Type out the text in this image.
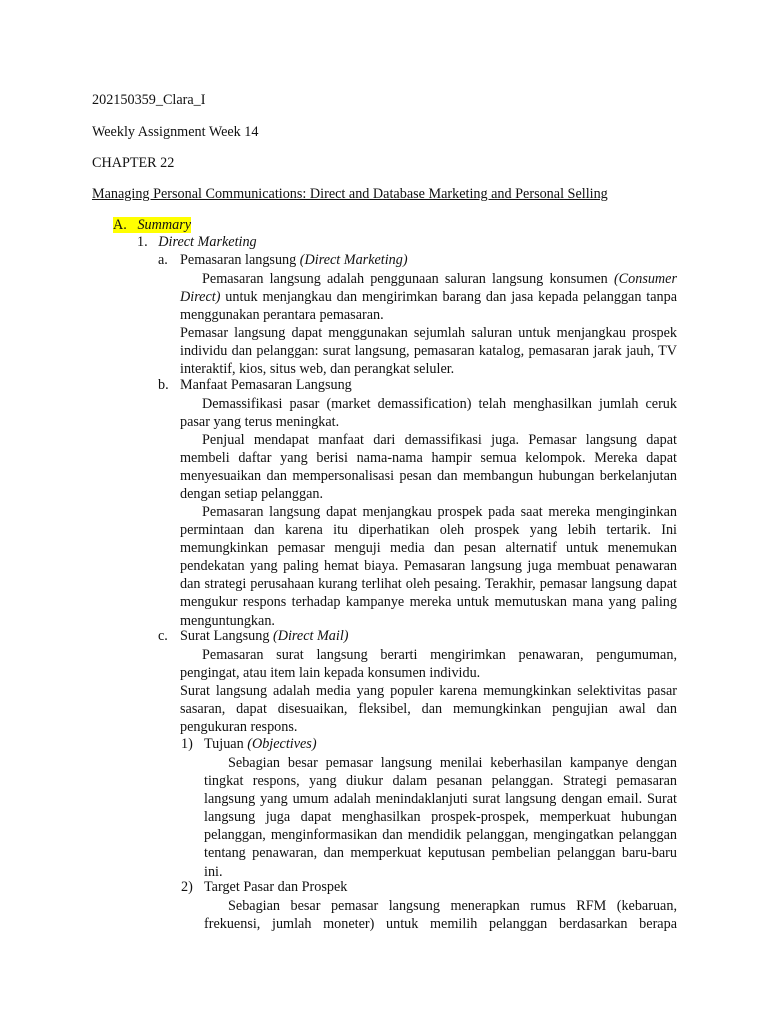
202150359_Clara_I
Weekly Assignment Week 14
CHAPTER 22
Managing Personal Communications: Direct and Database Marketing and Personal Selling
A. Summary
1. Direct Marketing
a. Pemasaran langsung (Direct Marketing)

Pemasaran langsung adalah penggunaan saluran langsung konsumen (Consumer Direct) untuk menjangkau dan mengirimkan barang dan jasa kepada pelanggan tanpa menggunakan perantara pemasaran.

Pemasar langsung dapat menggunakan sejumlah saluran untuk menjangkau prospek individu dan pelanggan: surat langsung, pemasaran katalog, pemasaran jarak jauh, TV interaktif, kios, situs web, dan perangkat seluler.

b. Manfaat Pemasaran Langsung

Demassifikasi pasar (market demassification) telah menghasilkan jumlah ceruk pasar yang terus meningkat.

Penjual mendapat manfaat dari demassifikasi juga. Pemasar langsung dapat membeli daftar yang berisi nama-nama hampir semua kelompok. Mereka dapat menyesuaikan dan mempersonalisasi pesan dan membangun hubungan berkelanjutan dengan setiap pelanggan.

Pemasaran langsung dapat menjangkau prospek pada saat mereka menginginkan permintaan dan karena itu diperhatikan oleh prospek yang lebih tertarik. Ini memungkinkan pemasar menguji media dan pesan alternatif untuk menemukan pendekatan yang paling hemat biaya. Pemasaran langsung juga membuat penawaran dan strategi perusahaan kurang terlihat oleh pesaing. Terakhir, pemasar langsung dapat mengukur respons terhadap kampanye mereka untuk memutuskan mana yang paling menguntungkan.

c. Surat Langsung (Direct Mail)

Pemasaran surat langsung berarti mengirimkan penawaran, pengumuman, pengingat, atau item lain kepada konsumen individu.

Surat langsung adalah media yang populer karena memungkinkan selektivitas pasar sasaran, dapat disesuaikan, fleksibel, dan memungkinkan pengujian awal dan pengukuran respons.

1) Tujuan (Objectives)

Sebagian besar pemasar langsung menilai keberhasilan kampanye dengan tingkat respons, yang diukur dalam pesanan pelanggan. Strategi pemasaran langsung yang umum adalah menindaklanjuti surat langsung dengan email. Surat langsung juga dapat menghasilkan prospek-prospek, memperkuat hubungan pelanggan, menginformasikan dan mendidik pelanggan, mengingatkan pelanggan tentang penawaran, dan memperkuat keputusan pembelian pelanggan baru-baru ini.

2) Target Pasar dan Prospek

Sebagian besar pemasar langsung menerapkan rumus RFM (kebaruan, frekuensi, jumlah moneter) untuk memilih pelanggan berdasarkan berapa
